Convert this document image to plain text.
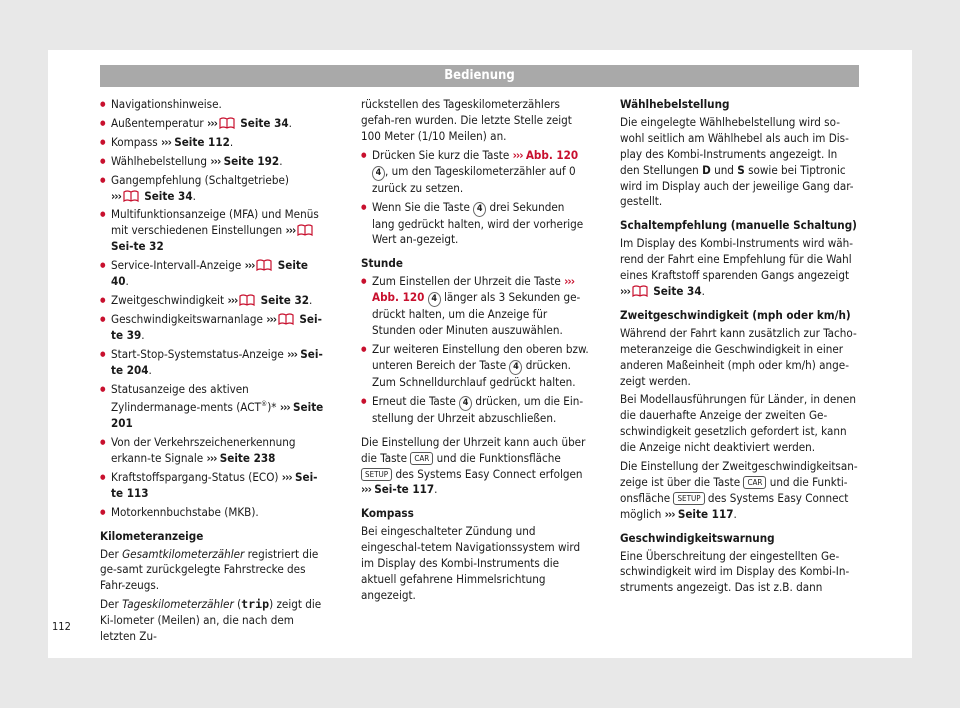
Bedienung
● Navigationshinweise.
● Außentemperatur ››› Seite 34.
● Kompass ››› Seite 112.
● Wählhebelstellung ››› Seite 192.
● Gangempfehlung (Schaltgetriebe)
››› Seite 34.
● Multifunktionsanzeige (MFA) und Menüs mit verschiedenen Einstellungen ››› Sei-te 32
● Service-Intervall-Anzeige ››› Seite 40.
● Zweitgeschwindigkeit ››› Seite 32.
● Geschwindigkeitswarnanlage ››› Sei-te 39.
● Start-Stop-Systemstatus-Anzeige ››› Sei-te 204.
● Statusanzeige des aktiven Zylindermanage-ments (ACT®)* ››› Seite 201
● Von der Verkehrszeichenerkennung erkann-te Signale ››› Seite 238
● Kraftstoffspargang-Status (ECO) ››› Sei-te 113
● Motorkennbuchstabe (MKB).
Kilometeranzeige
Der Gesamtkilometerzähler registriert die ge-samt zurückgelegte Fahrstrecke des Fahr-zeugs.
Der Tageskilometerzähler (trip) zeigt die Ki-lometer (Meilen) an, die nach dem letzten Zu-
rückstellen des Tageskilometerzählers gefah-ren wurden. Die letzte Stelle zeigt 100 Meter (1/10 Meilen) an.
● Drücken Sie kurz die Taste ››› Abb. 120 4 , um den Tageskilometerzähler auf 0 zurück zu setzen.
● Wenn Sie die Taste 4 drei Sekunden lang gedrückt halten, wird der vorherige Wert an-gezeigt.
Stunde
● Zum Einstellen der Uhrzeit die Taste ››› Abb. 120 4 länger als 3 Sekunden ge-drückt halten, um die Anzeige für Stunden oder Minuten auszuwählen.
● Zur weiteren Einstellung den oberen bzw. unteren Bereich der Taste 4 drücken. Zum Schnelldurchlauf gedrückt halten.
● Erneut die Taste 4 drücken, um die Ein-stellung der Uhrzeit abzuschließen.
Die Einstellung der Uhrzeit kann auch über die Taste CAR und die Funktionsfläche SETUP des Systems Easy Connect erfolgen ››› Sei-te 117.
Kompass
Bei eingeschalteter Zündung und eingeschal-tetem Navigationssystem wird im Display des Kombi-Instruments die aktuell gefahrene Himmelsrichtung angezeigt.
Wählhebelstellung
Die eingelegte Wählhebelstellung wird so-wohl seitlich am Wählhebel als auch im Dis-play des Kombi-Instruments angezeigt. In den Stellungen D und S sowie bei Tiptronic wird im Display auch der jeweilige Gang dar-gestellt.
Schaltempfehlung (manuelle Schaltung)
Im Display des Kombi-Instruments wird wäh-rend der Fahrt eine Empfehlung für die Wahl eines Kraftstoff sparenden Gangs angezeigt
››› Seite 34.
Zweitgeschwindigkeit (mph oder km/h)
Während der Fahrt kann zusätzlich zur Tacho-meteranzeige die Geschwindigkeit in einer anderen Maßeinheit (mph oder km/h) ange-zeigt werden.
Bei Modellausführungen für Länder, in denen die dauerhafte Anzeige der zweiten Ge-schwindigkeit gesetzlich gefordert ist, kann die Anzeige nicht deaktiviert werden.
Die Einstellung der Zweitgeschwindigkeitsan-zeige ist über die Taste CAR und die Funkti-onsfläche SETUP des Systems Easy Connect möglich ››› Seite 117.
Geschwindigkeitswarnung
Eine Überschreitung der eingestellten Ge-schwindigkeit wird im Display des Kombi-In-struments angezeigt. Das ist z.B. dann
112
